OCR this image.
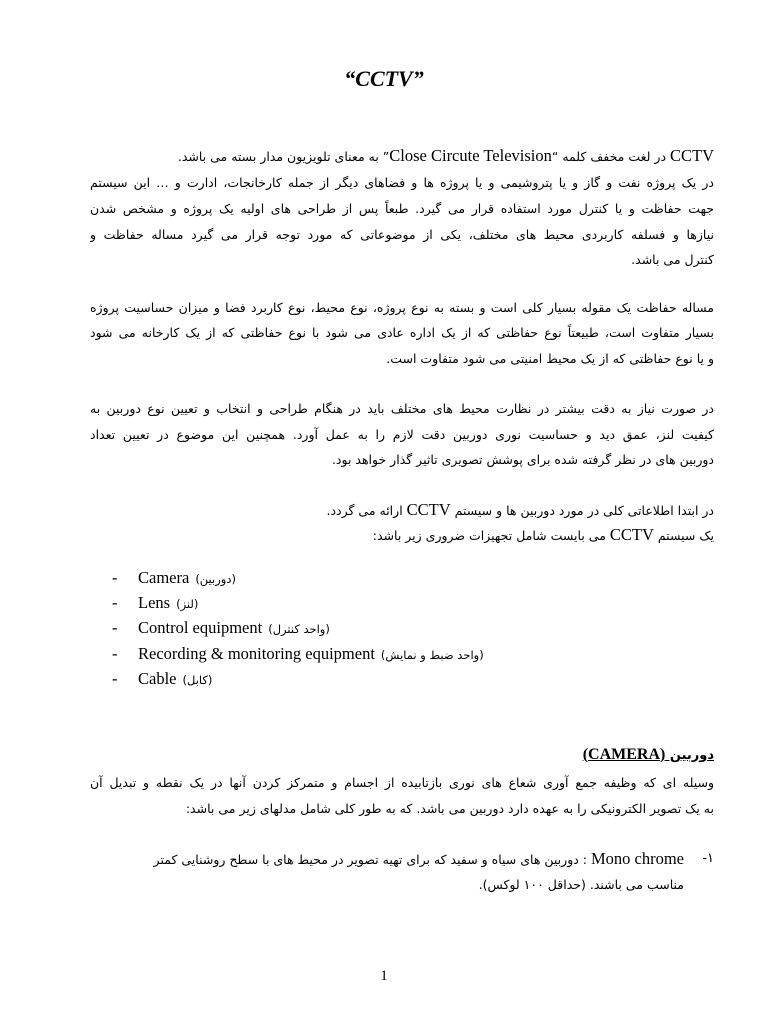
“CCTV”
CCTV در لغت مخفف کلمه “Close Circute Television” به معنای تلویزیون مدار بسته می باشد.
در یک پروژه نفت و گاز و یا پتروشیمی و یا پروژه ها و فضاهای دیگر از جمله کارخانجات، ادارت و … این سیستم
جهت حفاظت و یا کنترل مورد استفاده قرار می گیرد. طبعاً پس از طراحی های اولیه یک پروژه و مشخص شدن
نیازها و فسلفه کاربردی محیط های مختلف، یکی از موضوعاتی که مورد توجه قرار می گیرد مساله حفاظت و
کنترل می باشد.
مساله حفاظت یک مقوله بسیار کلی است و بسته به نوع پروژه، نوع محیط، نوع کاربرد فضا و میزان حساسیت پروژه
بسیار متفاوت است، طبیعتاً نوع حفاظتی که از یک اداره عادی می شود با نوع حفاظتی که از یک کارخانه می شود
و یا نوع حفاظتی که از یک محیط امنیتی می شود متفاوت است.
در صورت نیاز به دقت بیشتر در نظارت محیط های مختلف باید در هنگام طراحی و انتخاب و تعیین نوع دوربین به
کیفیت لنز، عمق دید و حساسیت نوری دوربین دقت لازم را به عمل آورد. همچنین این موضوع در تعیین تعداد
دوربین های در نظر گرفته شده برای پوشش تصویری تاثیر گذار خواهد بود.
در ابتدا اطلاعاتی کلی در مورد دوربین ها و سیستم CCTV ارائه می گردد.
یک سیستم CCTV می بایست شامل تجهیزات ضروری زیر باشد:
- Camera (دوربین)
- Lens (لنز)
- Control equipment (واحد کنترل)
- Recording & monitoring equipment (واحد ضبط و نمایش)
- Cable (کابل)
دوربین (CAMERA)
وسیله ای که وظیفه جمع آوری شعاع های نوری بازتابیده از اجسام و متمرکز کردن آنها در یک نقطه و تبدیل آن
به یک تصویر الکترونیکی را به عهده دارد دوربین می باشد. که به طور کلی شامل مدلهای زیر می باشد:
-۱
Mono chrome : دوربین های سیاه و سفید که برای تهیه تصویر در محیط های با سطح روشنایی کمتر
مناسب می باشند. (حداقل ۱۰۰ لوکس).
1
